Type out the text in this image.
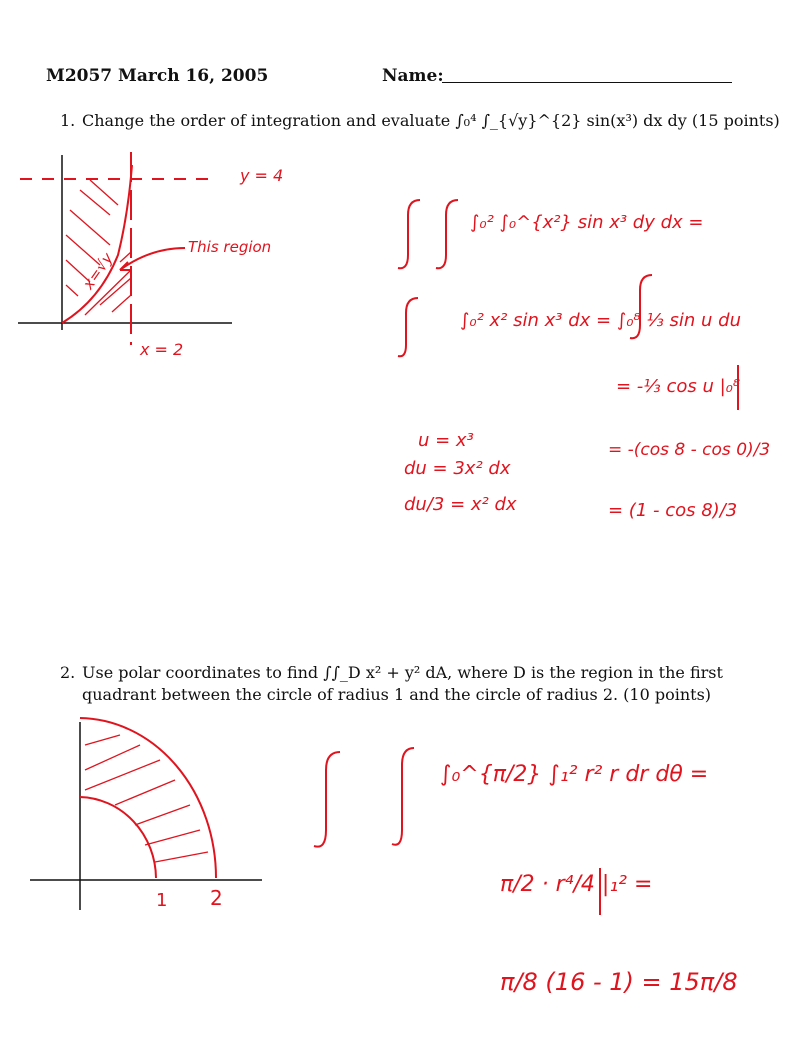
M2057 March 16, 2005	Name:
1. Change the order of integration and evaluate ∫₀⁴ ∫_{√y}^{2} sin(x³) dx dy (15 points)
y = 4
x = 2
x=√y
This region
∫₀² ∫₀^{x²} sin x³ dy dx =
∫₀² x² sin x³ dx = ∫₀⁸ ⅓ sin u du
= -⅓ cos u |₀⁸
= -(cos 8 - cos 0)/3
= (1 - cos 8)/3
u = x³
du = 3x² dx
du/3 = x² dx
2. Use polar coordinates to find ∫∫_D x² + y² dA, where D is the region in the first
quadrant between the circle of radius 1 and the circle of radius 2. (10 points)
1 2
∫₀^{π/2} ∫₁² r² r dr dθ =
π/2 · r⁴/4 |₁² =
π/8 (16 - 1) = 15π/8
